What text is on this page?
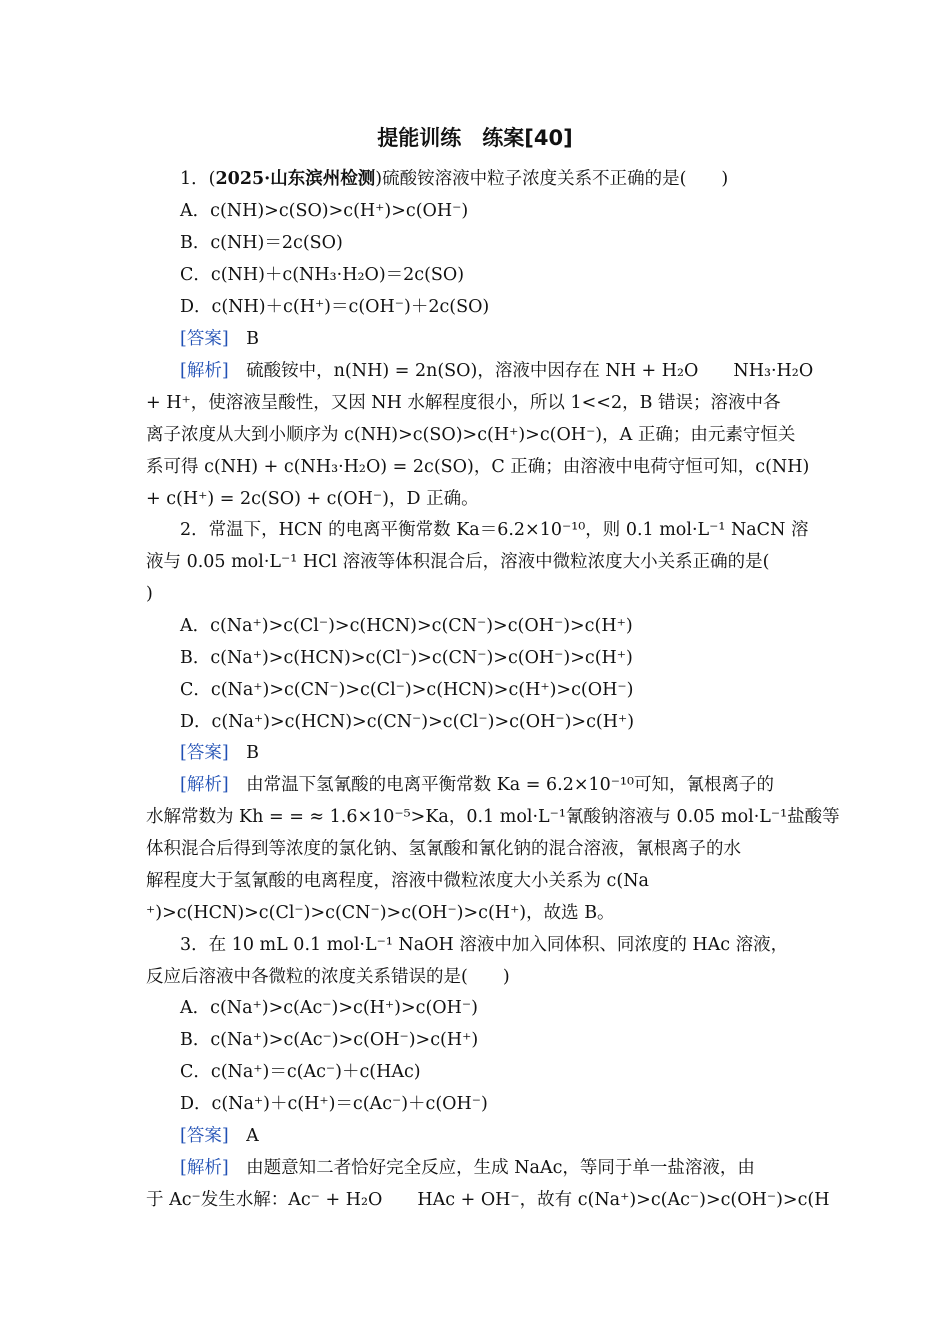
提能训练　练案[40]
1．(2025·山东滨州检测)硫酸铵溶液中粒子浓度关系不正确的是(　　)
A．c(NH)>c(SO)>c(H⁺)>c(OH⁻)
B．c(NH)＝2c(SO)
C．c(NH)＋c(NH₃·H₂O)＝2c(SO)
D．c(NH)＋c(H⁺)＝c(OH⁻)＋2c(SO)
[答案]　 B
[解析]　 硫酸铵中，n(NH) = 2n(SO)，溶液中因存在 NH + H₂O　　NH₃·H₂O
+ H⁺，使溶液呈酸性，又因 NH 水解程度很小，所以 1<<2，B 错误；溶液中各
离子浓度从大到小顺序为 c(NH)>c(SO)>c(H⁺)>c(OH⁻)，A 正确；由元素守恒关
系可得 c(NH) + c(NH₃·H₂O) = 2c(SO)，C 正确；由溶液中电荷守恒可知，c(NH)
+ c(H⁺) = 2c(SO) + c(OH⁻)，D 正确。
2．常温下，HCN 的电离平衡常数 Ka＝6.2×10⁻¹⁰，则 0.1 mol·L⁻¹ NaCN 溶
液与 0.05 mol·L⁻¹ HCl 溶液等体积混合后，溶液中微粒浓度大小关系正确的是(
)
A．c(Na⁺)>c(Cl⁻)>c(HCN)>c(CN⁻)>c(OH⁻)>c(H⁺)
B．c(Na⁺)>c(HCN)>c(Cl⁻)>c(CN⁻)>c(OH⁻)>c(H⁺)
C．c(Na⁺)>c(CN⁻)>c(Cl⁻)>c(HCN)>c(H⁺)>c(OH⁻)
D．c(Na⁺)>c(HCN)>c(CN⁻)>c(Cl⁻)>c(OH⁻)>c(H⁺)
[答案]　 B
[解析]　 由常温下氢氰酸的电离平衡常数 Ka = 6.2×10⁻¹⁰可知，氰根离子的
水解常数为 Kh = = ≈ 1.6×10⁻⁵>Ka，0.1 mol·L⁻¹氰酸钠溶液与 0.05 mol·L⁻¹盐酸等
体积混合后得到等浓度的氯化钠、氢氰酸和氰化钠的混合溶液，氰根离子的水
解程度大于氢氰酸的电离程度，溶液中微粒浓度大小关系为 c(Na
⁺)>c(HCN)>c(Cl⁻)>c(CN⁻)>c(OH⁻)>c(H⁺)，故选 B。
3．在 10 mL 0.1 mol·L⁻¹ NaOH 溶液中加入同体积、同浓度的 HAc 溶液，
反应后溶液中各微粒的浓度关系错误的是(　　)
A．c(Na⁺)>c(Ac⁻)>c(H⁺)>c(OH⁻)
B．c(Na⁺)>c(Ac⁻)>c(OH⁻)>c(H⁺)
C．c(Na⁺)＝c(Ac⁻)＋c(HAc)
D．c(Na⁺)＋c(H⁺)＝c(Ac⁻)＋c(OH⁻)
[答案]　 A
[解析]　 由题意知二者恰好完全反应，生成 NaAc，等同于单一盐溶液，由
于 Ac⁻发生水解：Ac⁻ + H₂O　　HAc + OH⁻，故有 c(Na⁺)>c(Ac⁻)>c(OH⁻)>c(H
